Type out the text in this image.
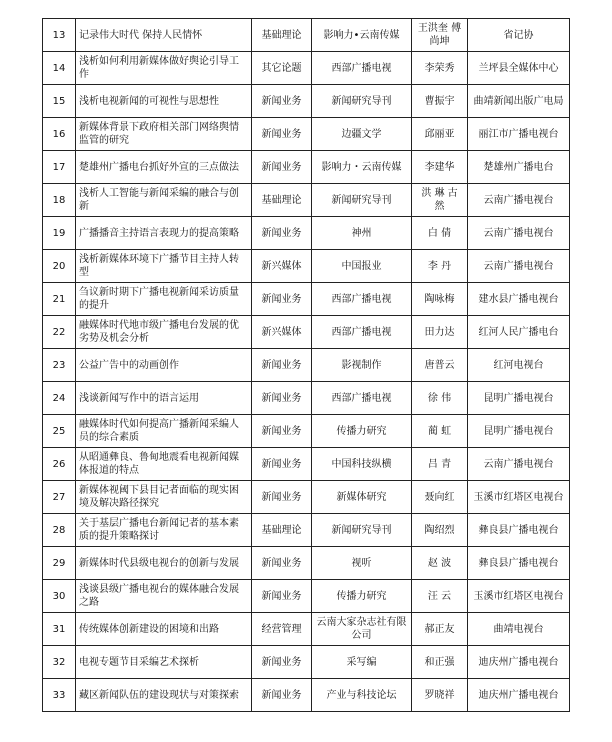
13	记录伟大时代 保持人民情怀	基础理论	影响力•云南传媒	王洪奎 傅尚坤	省记协
14	浅析如何利用新媒体做好舆论引导工作	其它论题	西部广播电视	李荣秀	兰坪县全媒体中心
15	浅析电视新闻的可视性与思想性	新闻业务	新闻研究导刊	曹振宇	曲靖新闻出版广电局
16	新媒体背景下政府相关部门网络舆情监管的研究	新闻业务	边疆文学	邱丽亚	丽江市广播电视台
17	楚雄州广播电台抓好外宣的三点做法	新闻业务	影响力・云南传媒	李建华	楚雄州广播电台
18	浅析人工智能与新闻采编的融合与创新	基础理论	新闻研究导刊	洪 琳 古 然	云南广播电视台
19	广播播音主持语言表现力的提高策略	新闻业务	神州	白 倩	云南广播电视台
20	浅析新媒体环境下广播节目主持人转型	新兴媒体	中国报业	李 丹	云南广播电视台
21	刍议新时期下广播电视新闻采访质量的提升	新闻业务	西部广播电视	陶咏梅	建水县广播电视台
22	融媒体时代地市级广播电台发展的优劣势及机会分析	新兴媒体	西部广播电视	田力达	红河人民广播电台
23	公益广告中的动画创作	新闻业务	影视制作	唐普云	红河电视台
24	浅谈新闻写作中的语言运用	新闻业务	西部广播电视	徐 伟	昆明广播电视台
25	融媒体时代如何提高广播新闻采编人员的综合素质	新闻业务	传播力研究	蔺 虹	昆明广播电视台
26	从昭通彝良、鲁甸地震看电视新闻媒体报道的特点	新闻业务	中国科技纵横	吕 青	云南广播电视台
27	新媒体视阈下县目记者面临的现实困境及解决路径探究	新闻业务	新媒体研究	聂向红	玉溪市红塔区电视台
28	关于基层广播电台新闻记者的基本素质的提升策略探讨	基础理论	新闻研究导刊	陶绍烈	彝良县广播电视台
29	新媒体时代县级电视台的创新与发展	新闻业务	视听	赵 波	彝良县广播电视台
30	浅谈县级广播电视台的媒体融合发展之路	新闻业务	传播力研究	汪 云	玉溪市红塔区电视台
31	传统媒体创新建设的困境和出路	经营管理	云南大家杂志社有限公司	郝正友	曲靖电视台
32	电视专题节目采编艺术探析	新闻业务	采写编	和正强	迪庆州广播电视台
33	藏区新闻队伍的建设现状与对策探索	新闻业务	产业与科技论坛	罗晓祥	迪庆州广播电视台
